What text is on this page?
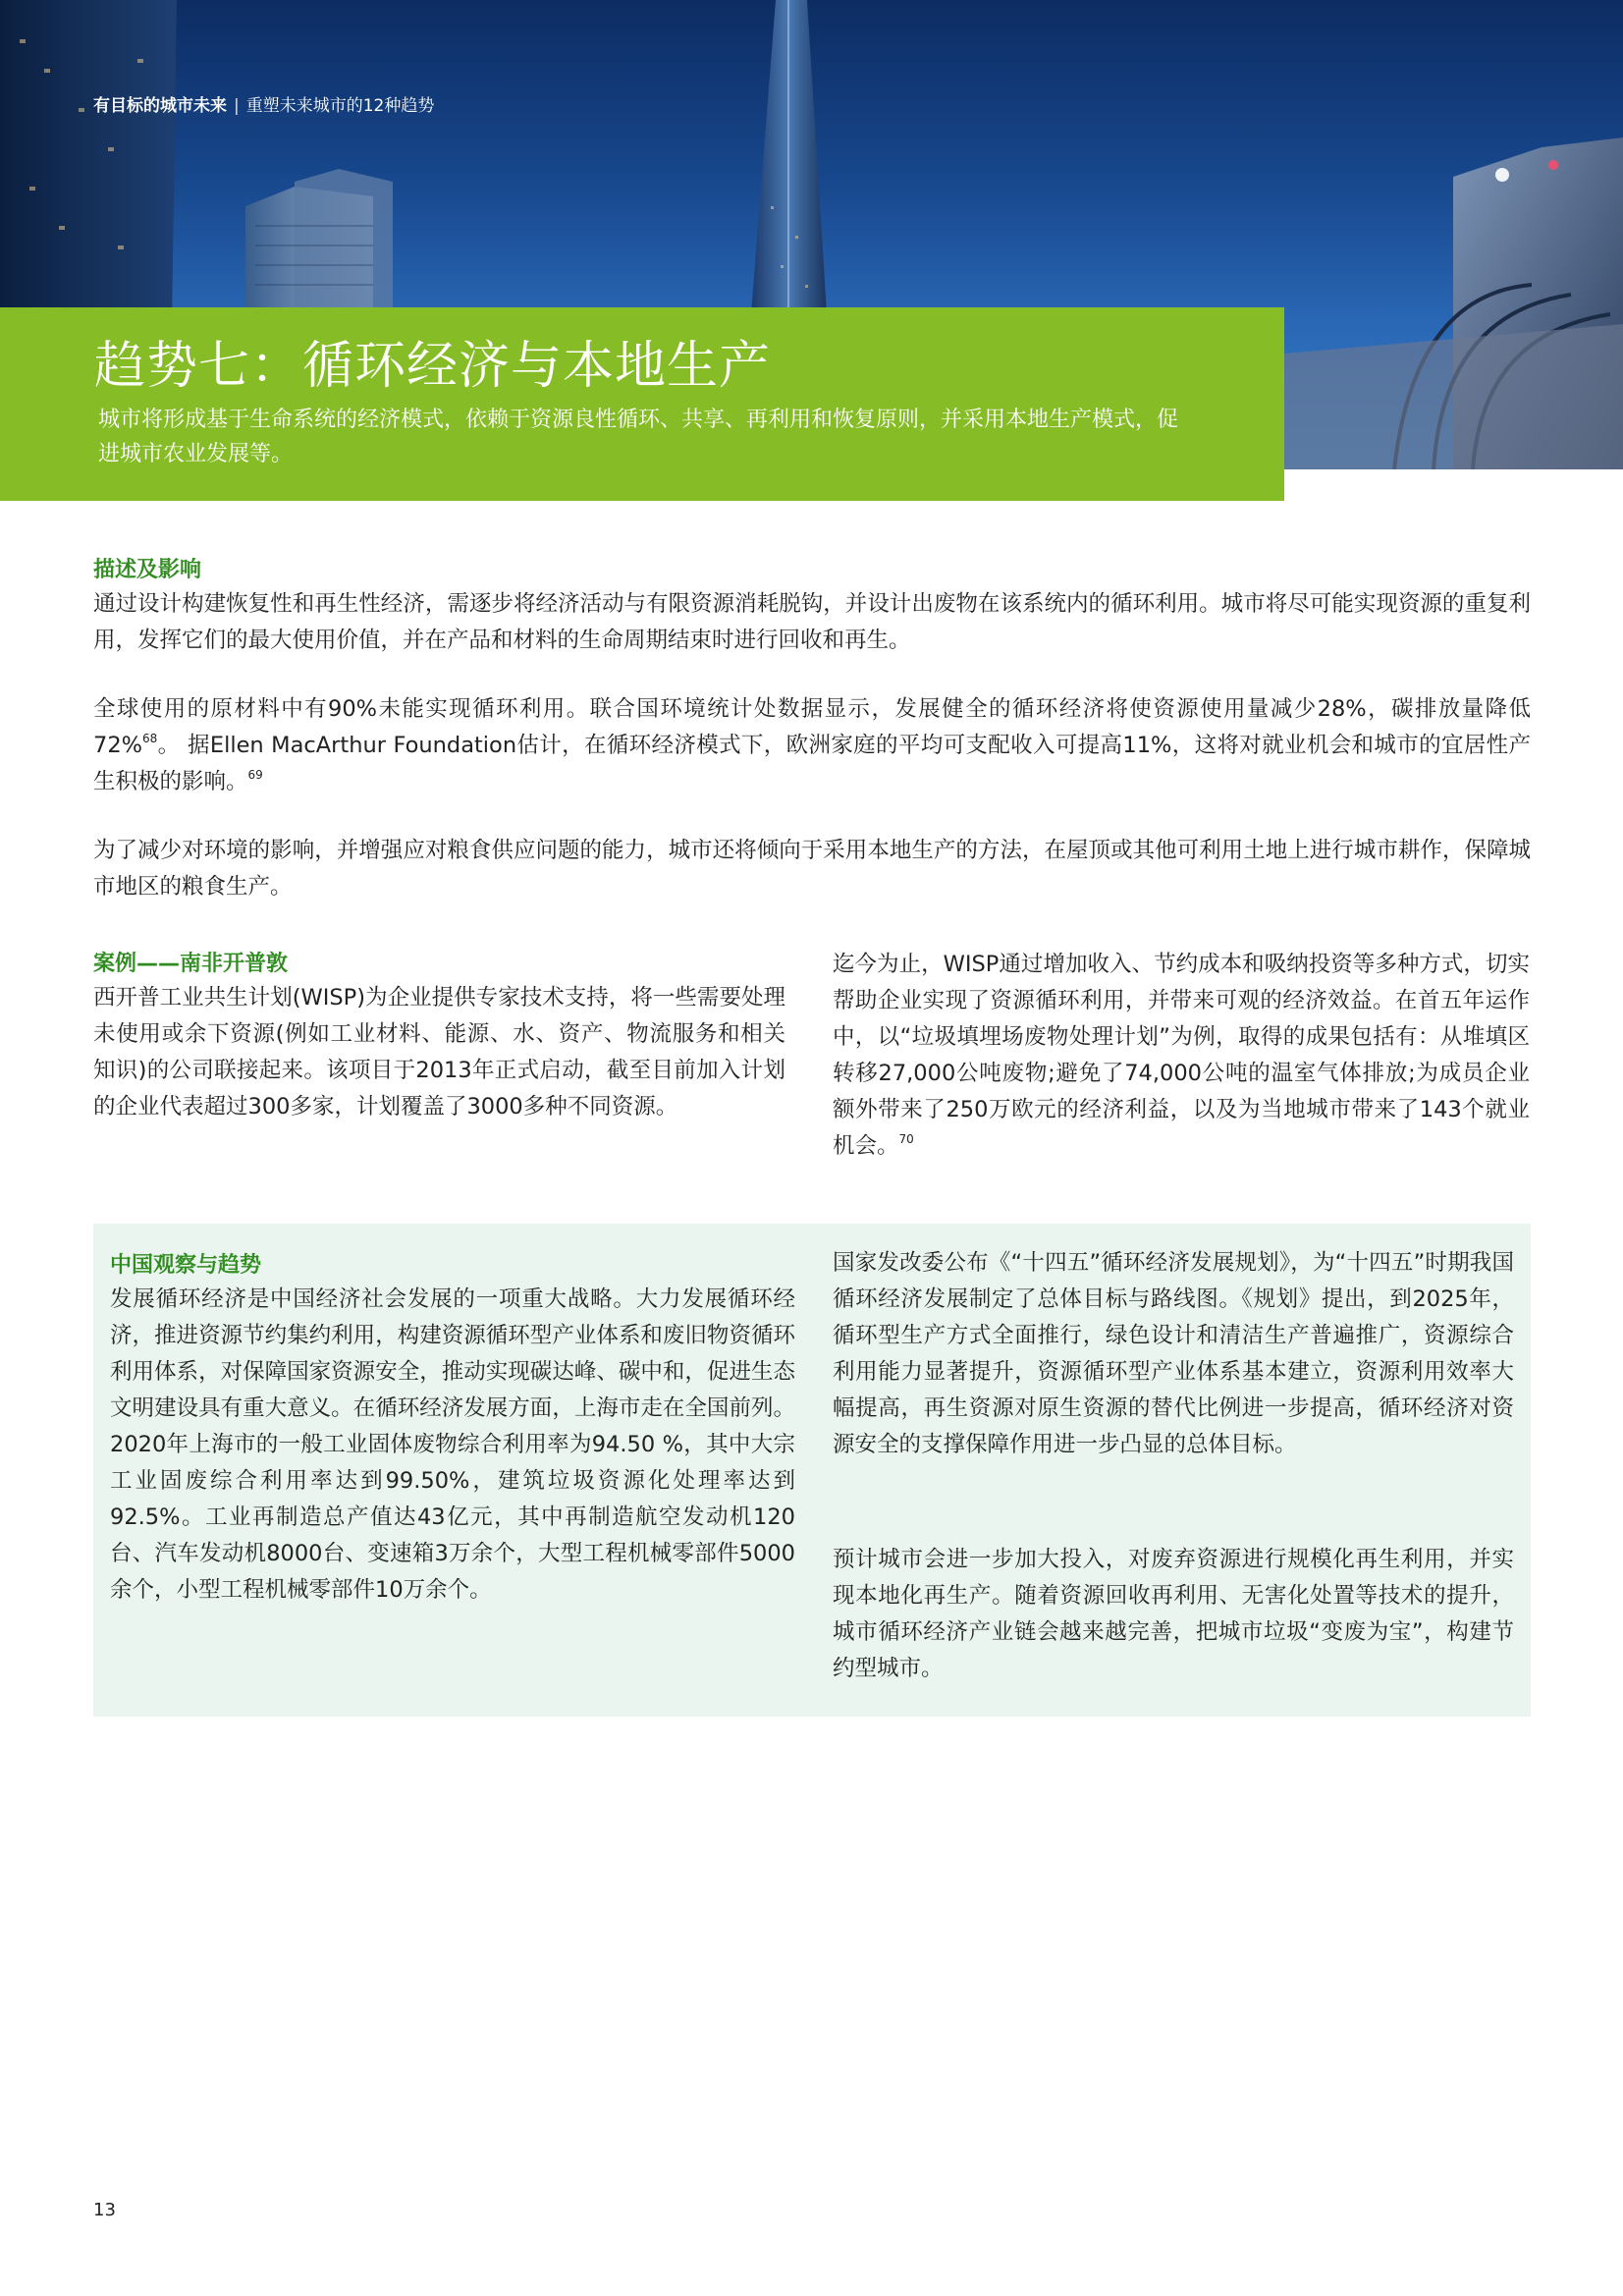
有目标的城市未来 | 重塑未来城市的12种趋势
趋势七：循环经济与本地生产
城市将形成基于生命系统的经济模式，依赖于资源良性循环、共享、再利用和恢复原则，并采用本地生产模式，促进城市农业发展等。
描述及影响
通过设计构建恢复性和再生性经济，需逐步将经济活动与有限资源消耗脱钩，并设计出废物在该系统内的循环利用。城市将尽可能实现资源的重复利用，发挥它们的最大使用价值，并在产品和材料的生命周期结束时进行回收和再生。
全球使用的原材料中有90%未能实现循环利用。联合国环境统计处数据显示，发展健全的循环经济将使资源使用量减少28%，碳排放量降低72%$^{68}$。 据Ellen MacArthur Foundation估计，在循环经济模式下，欧洲家庭的平均可支配收入可提高11%，这将对就业机会和城市的宜居性产生积极的影响。$^{69}$
为了减少对环境的影响，并增强应对粮食供应问题的能力，城市还将倾向于采用本地生产的方法，在屋顶或其他可利用土地上进行城市耕作，保障城市地区的粮食生产。
案例——南非开普敦
西开普工业共生计划(WISP)为企业提供专家技术支持，将一些需要处理未使用或余下资源(例如工业材料、能源、水、资产、物流服务和相关知识)的公司联接起来。该项目于2013年正式启动，截至目前加入计划的企业代表超过300多家，计划覆盖了3000多种不同资源。
迄今为止，WISP通过增加收入、节约成本和吸纳投资等多种方式，切实帮助企业实现了资源循环利用，并带来可观的经济效益。在首五年运作中，以“垃圾填埋场废物处理计划”为例，取得的成果包括有：从堆填区转移27,000公吨废物;避免了74,000公吨的温室气体排放;为成员企业额外带来了250万欧元的经济利益，以及为当地城市带来了143个就业机会。$^{70}$
中国观察与趋势
发展循环经济是中国经济社会发展的一项重大战略。大力发展循环经济，推进资源节约集约利用，构建资源循环型产业体系和废旧物资循环利用体系，对保障国家资源安全，推动实现碳达峰、碳中和，促进生态文明建设具有重大意义。在循环经济发展方面，上海市走在全国前列。2020年上海市的一般工业固体废物综合利用率为94.50 %，其中大宗工业固废综合利用率达到99.50%，建筑垃圾资源化处理率达到92.5%。工业再制造总产值达43亿元，其中再制造航空发动机120台、汽车发动机8000台、变速箱3万余个，大型工程机械零部件5000余个，小型工程机械零部件10万余个。
国家发改委公布《“十四五”循环经济发展规划》，为“十四五”时期我国循环经济发展制定了总体目标与路线图。《规划》提出，到2025年，循环型生产方式全面推行，绿色设计和清洁生产普遍推广，资源综合利用能力显著提升，资源循环型产业体系基本建立，资源利用效率大幅提高，再生资源对原生资源的替代比例进一步提高，循环经济对资源安全的支撑保障作用进一步凸显的总体目标。
预计城市会进一步加大投入，对废弃资源进行规模化再生利用，并实现本地化再生产。随着资源回收再利用、无害化处置等技术的提升，城市循环经济产业链会越来越完善，把城市垃圾“变废为宝”，构建节约型城市。
13
